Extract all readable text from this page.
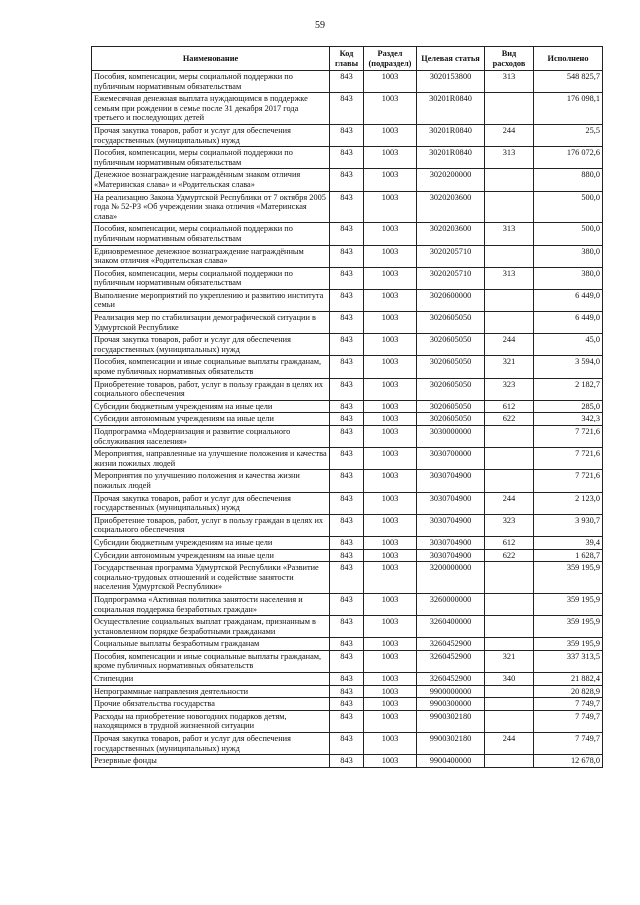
59
Наименование	Код главы	Раздел (подраздел)	Целевая статья	Вид расходов	Исполнено
Пособия, компенсации, меры социальной поддержки по публичным нормативным обязательствам	843	1003	3020153800	313	548 825,7
Ежемесячная денежная выплата нуждающимся в поддержке семьям при рождении в семье после 31 декабря 2017 года третьего и последующих детей	843	1003	30201R0840		176 098,1
Прочая закупка товаров, работ и услуг для обеспечения государственных (муниципальных) нужд	843	1003	30201R0840	244	25,5
Пособия, компенсации, меры социальной поддержки по публичным нормативным обязательствам	843	1003	30201R0840	313	176 072,6
Денежное вознаграждение награждённым знаком отличия «Материнская слава» и «Родительская слава»	843	1003	3020200000		880,0
На реализацию Закона Удмуртской Республики от 7 октября 2005 года № 52-РЗ «Об учреждении знака отличия «Материнская слава»	843	1003	3020203600		500,0
Пособия, компенсации, меры социальной поддержки по публичным нормативным обязательствам	843	1003	3020203600	313	500,0
Единовременное денежное вознаграждение награждённым знаком отличия «Родительская слава»	843	1003	3020205710		380,0
Пособия, компенсации, меры социальной поддержки по публичным нормативным обязательствам	843	1003	3020205710	313	380,0
Выполнение мероприятий по укреплению и развитию института семьи	843	1003	3020600000		6 449,0
Реализация мер по стабилизации демографической ситуации в Удмуртской Республике	843	1003	3020605050		6 449,0
Прочая закупка товаров, работ и услуг для обеспечения государственных (муниципальных) нужд	843	1003	3020605050	244	45,0
Пособия, компенсации и иные социальные выплаты гражданам, кроме публичных нормативных обязательств	843	1003	3020605050	321	3 594,0
Приобретение товаров, работ, услуг в пользу граждан в целях их социального обеспечения	843	1003	3020605050	323	2 182,7
Субсидии бюджетным учреждениям на иные цели	843	1003	3020605050	612	285,0
Субсидии автономным учреждениям на иные цели	843	1003	3020605050	622	342,3
Подпрограмма «Модернизация и развитие социального обслуживания населения»	843	1003	3030000000		7 721,6
Мероприятия, направленные на улучшение положения и качества жизни пожилых людей	843	1003	3030700000		7 721,6
Мероприятия по улучшению положения и качества жизни пожилых людей	843	1003	3030704900		7 721,6
Прочая закупка товаров, работ и услуг для обеспечения государственных (муниципальных) нужд	843	1003	3030704900	244	2 123,0
Приобретение товаров, работ, услуг в пользу граждан в целях их социального обеспечения	843	1003	3030704900	323	3 930,7
Субсидии бюджетным учреждениям на иные цели	843	1003	3030704900	612	39,4
Субсидии автономным учреждениям на иные цели	843	1003	3030704900	622	1 628,7
Государственная программа Удмуртской Республики «Развитие социально-трудовых отношений и содействие занятости населения Удмуртской Республики»	843	1003	3200000000		359 195,9
Подпрограмма «Активная политика занятости населения и социальная поддержка безработных граждан»	843	1003	3260000000		359 195,9
Осуществление социальных выплат гражданам, признанным в установленном порядке безработными гражданами	843	1003	3260400000		359 195,9
Социальные выплаты безработным гражданам	843	1003	3260452900		359 195,9
Пособия, компенсации и иные социальные выплаты гражданам, кроме публичных нормативных обязательств	843	1003	3260452900	321	337 313,5
Стипендии	843	1003	3260452900	340	21 882,4
Непрограммные направления деятельности	843	1003	9900000000		20 828,9
Прочие обязательства государства	843	1003	9900300000		7 749,7
Расходы на приобретение новогодних подарков детям, находящимся в трудной жизненной ситуации	843	1003	9900302180		7 749,7
Прочая закупка товаров, работ и услуг для обеспечения государственных (муниципальных) нужд	843	1003	9900302180	244	7 749,7
Резервные фонды	843	1003	9900400000		12 678,0
